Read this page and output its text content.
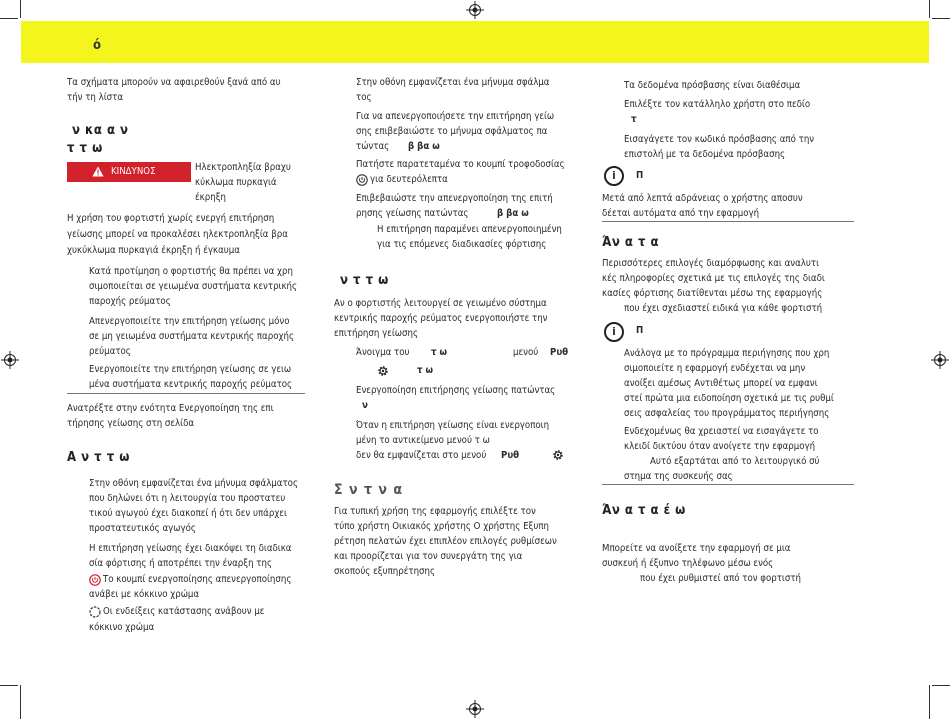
ό
Τα σχήματα μπορούν να αφαιρεθούν ξανά από αυ
τήν τη λίστα
ν κα α ν
τ τ ω
ΚΙΝΔΥΝΟΣ	Ηλεκτροπληξία βραχυ
κύκλωμα πυρκαγιά
έκρηξη
Η χρήση του φορτιστή χωρίς ενεργή επιτήρηση
γείωσης μπορεί να προκαλέσει ηλεκτροπληξία βρα
χυκύκλωμα πυρκαγιά έκρηξη ή έγκαυμα
Κατά προτίμηση ο φορτιστής θα πρέπει να χρη
σιμοποιείται σε γειωμένα συστήματα κεντρικής
παροχής ρεύματος
Απενεργοποιείτε την επιτήρηση γείωσης μόνο
σε μη γειωμένα συστήματα κεντρικής παροχής
ρεύματος
Ενεργοποιείτε την επιτήρηση γείωσης σε γειω
μένα συστήματα κεντρικής παροχής ρεύματος
Ανατρέξτε στην ενότητα Ενεργοποίηση της επι
τήρησης γείωσης στη σελίδα
Α ν τ τ ω
Στην οθόνη εμφανίζεται ένα μήνυμα σφάλματος
που δηλώνει ότι η λειτουργία του προστατευ
τικού αγωγού έχει διακοπεί ή ότι δεν υπάρχει
προστατευτικός αγωγός
Η επιτήρηση γείωσης έχει διακόψει τη διαδικα
σία φόρτισης ή αποτρέπει την έναρξη της
Το κουμπί ενεργοποίησης απενεργοποίησης
ανάβει με κόκκινο χρώμα
Οι ενδείξεις κατάστασης ανάβουν με
κόκκινο χρώμα
Στην οθόνη εμφανίζεται ένα μήνυμα σφάλμα
τος
Για να απενεργοποιήσετε την επιτήρηση γείω
σης επιβεβαιώστε το μήνυμα σφάλματος πα
τώντας β βα ω
Πατήστε παρατεταμένα το κουμπί τροφοδοσίας
για δευτερόλεπτα
Επιβεβαιώστε την απενεργοποίηση της επιτή
ρησης γείωσης πατώντας	β βα ω
Η επιτήρηση παραμένει απενεργοποιημένη
για τις επόμενες διαδικασίες φόρτισης
ν τ τ ω
Αν ο φορτιστής λειτουργεί σε γειωμένο σύστημα
κεντρικής παροχής ρεύματος ενεργοποιήστε την
επιτήρηση γείωσης
Άνοιγμα του τ ω	μενού Ρυθ
τ ω
Ενεργοποίηση επιτήρησης γείωσης πατώντας
ν
Όταν η επιτήρηση γείωσης είναι ενεργοποιη
μένη το αντικείμενο μενού τ ω
δεν θα εμφανίζεται στο μενού Ρυθ
Σ ν τ ν α
Για τυπική χρήση της εφαρμογής επιλέξτε τον
τύπο χρήστη Οικιακός χρήστης Ο χρήστης Εξυπη
ρέτηση πελατών έχει επιπλέον επιλογές ρυθμίσεων
και προορίζεται για τον συνεργάτη της για
σκοπούς εξυπηρέτησης
Τα δεδομένα πρόσβασης είναι διαθέσιμα
Επιλέξτε τον κατάλληλο χρήστη στο πεδίο
τ
Εισαγάγετε τον κωδικό πρόσβασης από την
επιστολή με τα δεδομένα πρόσβασης
i	Π
Μετά από λεπτά αδράνειας ο χρήστης αποσυν
δέεται αυτόματα από την εφαρμογή
Άν α τ α
Περισσότερες επιλογές διαμόρφωσης και αναλυτι
κές πληροφορίες σχετικά με τις επιλογές της διαδι
κασίες φόρτισης διατίθενται μέσω της εφαρμογής
που έχει σχεδιαστεί ειδικά για κάθε φορτιστή
i	Π
Ανάλογα με το πρόγραμμα περιήγησης που χρη
σιμοποιείτε η εφαρμογή ενδέχεται να μην
ανοίξει αμέσως Αντιθέτως μπορεί να εμφανι
στεί πρώτα μια ειδοποίηση σχετικά με τις ρυθμί
σεις ασφαλείας του προγράμματος περιήγησης
Ενδεχομένως θα χρειαστεί να εισαγάγετε το
κλειδί δικτύου όταν ανοίγετε την εφαρμογή
Αυτό εξαρτάται από το λειτουργικό σύ
στημα της συσκευής σας
Άν α τ α έ ω
Μπορείτε να ανοίξετε την εφαρμογή σε μια
συσκευή ή έξυπνο τηλέφωνο μέσω ενός
που έχει ρυθμιστεί από τον φορτιστή
